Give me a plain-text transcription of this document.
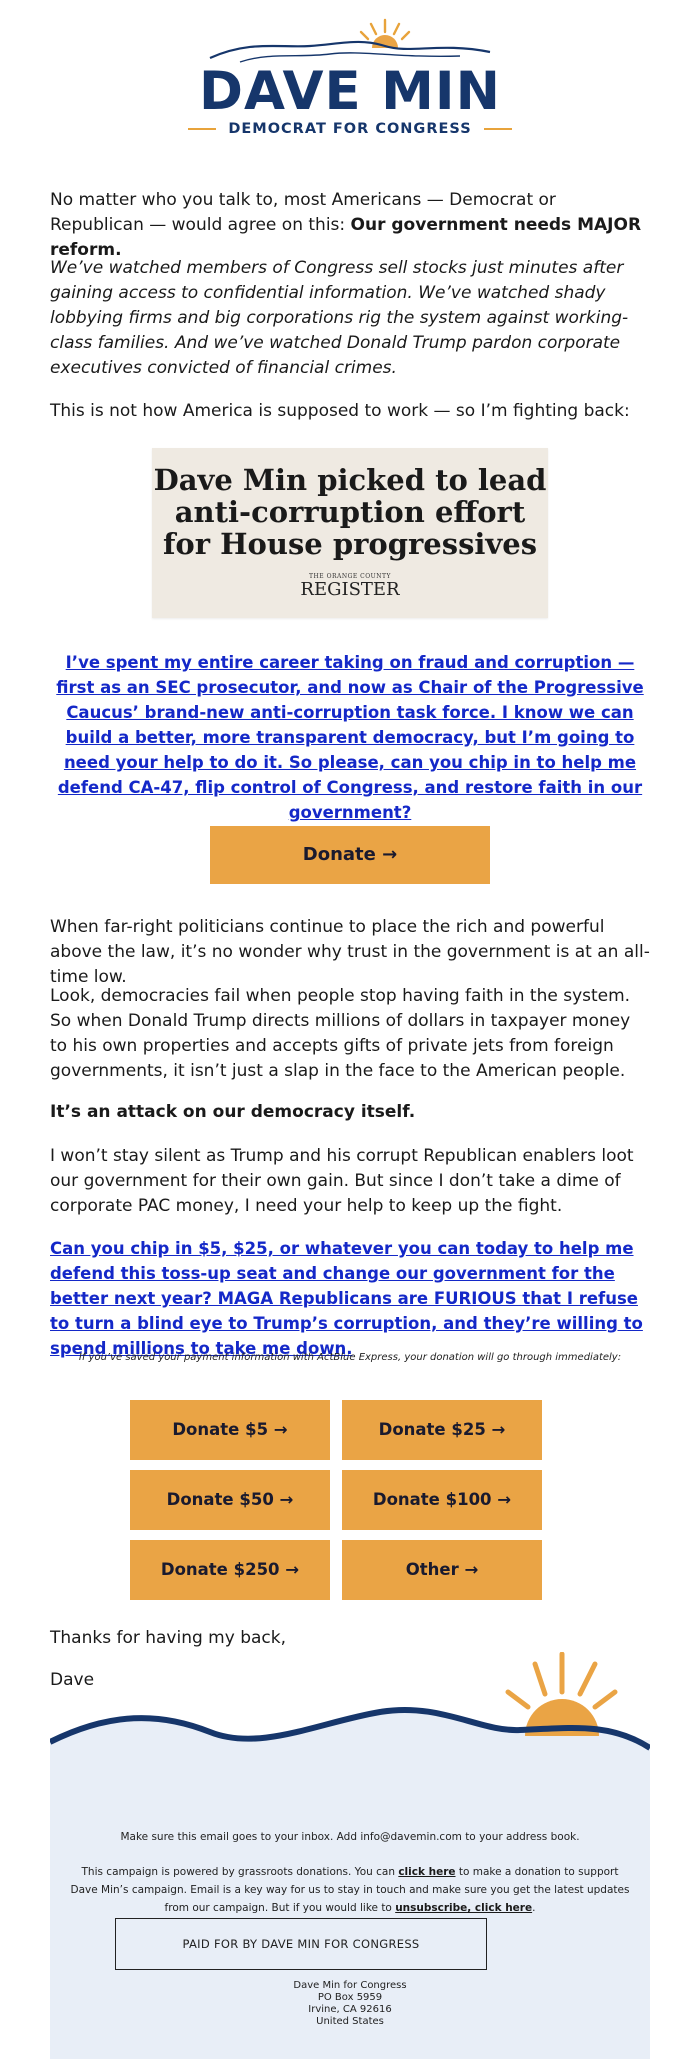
DAVE MIN
DEMOCRAT FOR CONGRESS

No matter who you talk to, most Americans — Democrat or Republican — would agree on this: Our government needs MAJOR reform.

We’ve watched members of Congress sell stocks just minutes after gaining access to confidential information. We’ve watched shady lobbying firms and big corporations rig the system against working-class families. And we’ve watched Donald Trump pardon corporate executives convicted of financial crimes.

This is not how America is supposed to work — so I’m fighting back:

Dave Min picked to lead
anti-corruption effort
for House progressives
THE ORANGE COUNTY
REGISTER
I’ve spent my entire career taking on fraud and corruption — first as an SEC prosecutor, and now as Chair of the Progressive Caucus’ brand-new anti-corruption task force. I know we can build a better, more transparent democracy, but I’m going to need your help to do it. So please, can you chip in to help me defend CA-47, flip control of Congress, and restore faith in our government?
Donate →

When far-right politicians continue to place the rich and powerful above the law, it’s no wonder why trust in the government is at an all-time low.

Look, democracies fail when people stop having faith in the system. So when Donald Trump directs millions of dollars in taxpayer money to his own properties and accepts gifts of private jets from foreign governments, it isn’t just a slap in the face to the American people.

It’s an attack on our democracy itself.

I won’t stay silent as Trump and his corrupt Republican enablers loot our government for their own gain. But since I don’t take a dime of corporate PAC money, I need your help to keep up the fight.

Can you chip in $5, $25, or whatever you can today to help me defend this toss-up seat and change our government for the better next year? MAGA Republicans are FURIOUS that I refuse to turn a blind eye to Trump’s corruption, and they’re willing to spend millions to take me down.
If you’ve saved your payment information with ActBlue Express, your donation will go through immediately:
Donate $5 →	Donate $25 →
Donate $50 →	Donate $100 →
Donate $250 →	Other →
Thanks for having my back,
Dave
Make sure this email goes to your inbox. Add info@davemin.com to your address book.
This campaign is powered by grassroots donations. You can click here to make a donation to support Dave Min’s campaign. Email is a key way for us to stay in touch and make sure you get the latest updates from our campaign. But if you would like to unsubscribe, click here.
PAID FOR BY DAVE MIN FOR CONGRESS
Dave Min for Congress
PO Box 5959
Irvine, CA 92616
United States
